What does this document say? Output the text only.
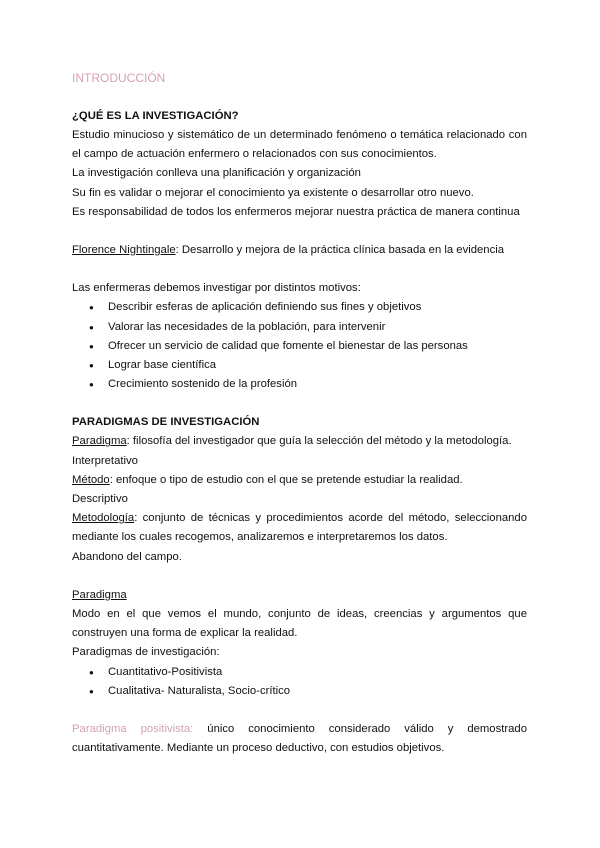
INTRODUCCIÓN

¿QUÉ ES LA INVESTIGACIÓN?

Estudio minucioso y sistemático de un determinado fenómeno o temática relacionado con el campo de actuación enfermero o relacionados con sus conocimientos.

La investigación conlleva una planificación y organización

Su fin es validar o mejorar el conocimiento ya existente o desarrollar otro nuevo.

Es responsabilidad de todos los enfermeros mejorar nuestra práctica de manera continua

Florence Nightingale: Desarrollo y mejora de la práctica clínica basada en la evidencia

Las enfermeras debemos investigar por distintos motivos:

● Describir esferas de aplicación definiendo sus fines y objetivos
● Valorar las necesidades de la población, para intervenir
● Ofrecer un servicio de calidad que fomente el bienestar de las personas
● Lograr base científica
● Crecimiento sostenido de la profesión

PARADIGMAS DE INVESTIGACIÓN

Paradigma: filosofía del investigador que guía la selección del método y la metodología.

Interpretativo

Método: enfoque o tipo de estudio con el que se pretende estudiar la realidad.

Descriptivo

Metodología: conjunto de técnicas y procedimientos acorde del método, seleccionando mediante los cuales recogemos, analizaremos e interpretaremos los datos.

Abandono del campo.

Paradigma

Modo en el que vemos el mundo, conjunto de ideas, creencias y argumentos que construyen una forma de explicar la realidad.

Paradigmas de investigación:

● Cuantitativo-Positivista
● Cualitativa- Naturalista, Socio-crítico

Paradigma positivista: único conocimiento considerado válido y demostrado cuantitativamente. Mediante un proceso deductivo, con estudios objetivos.
